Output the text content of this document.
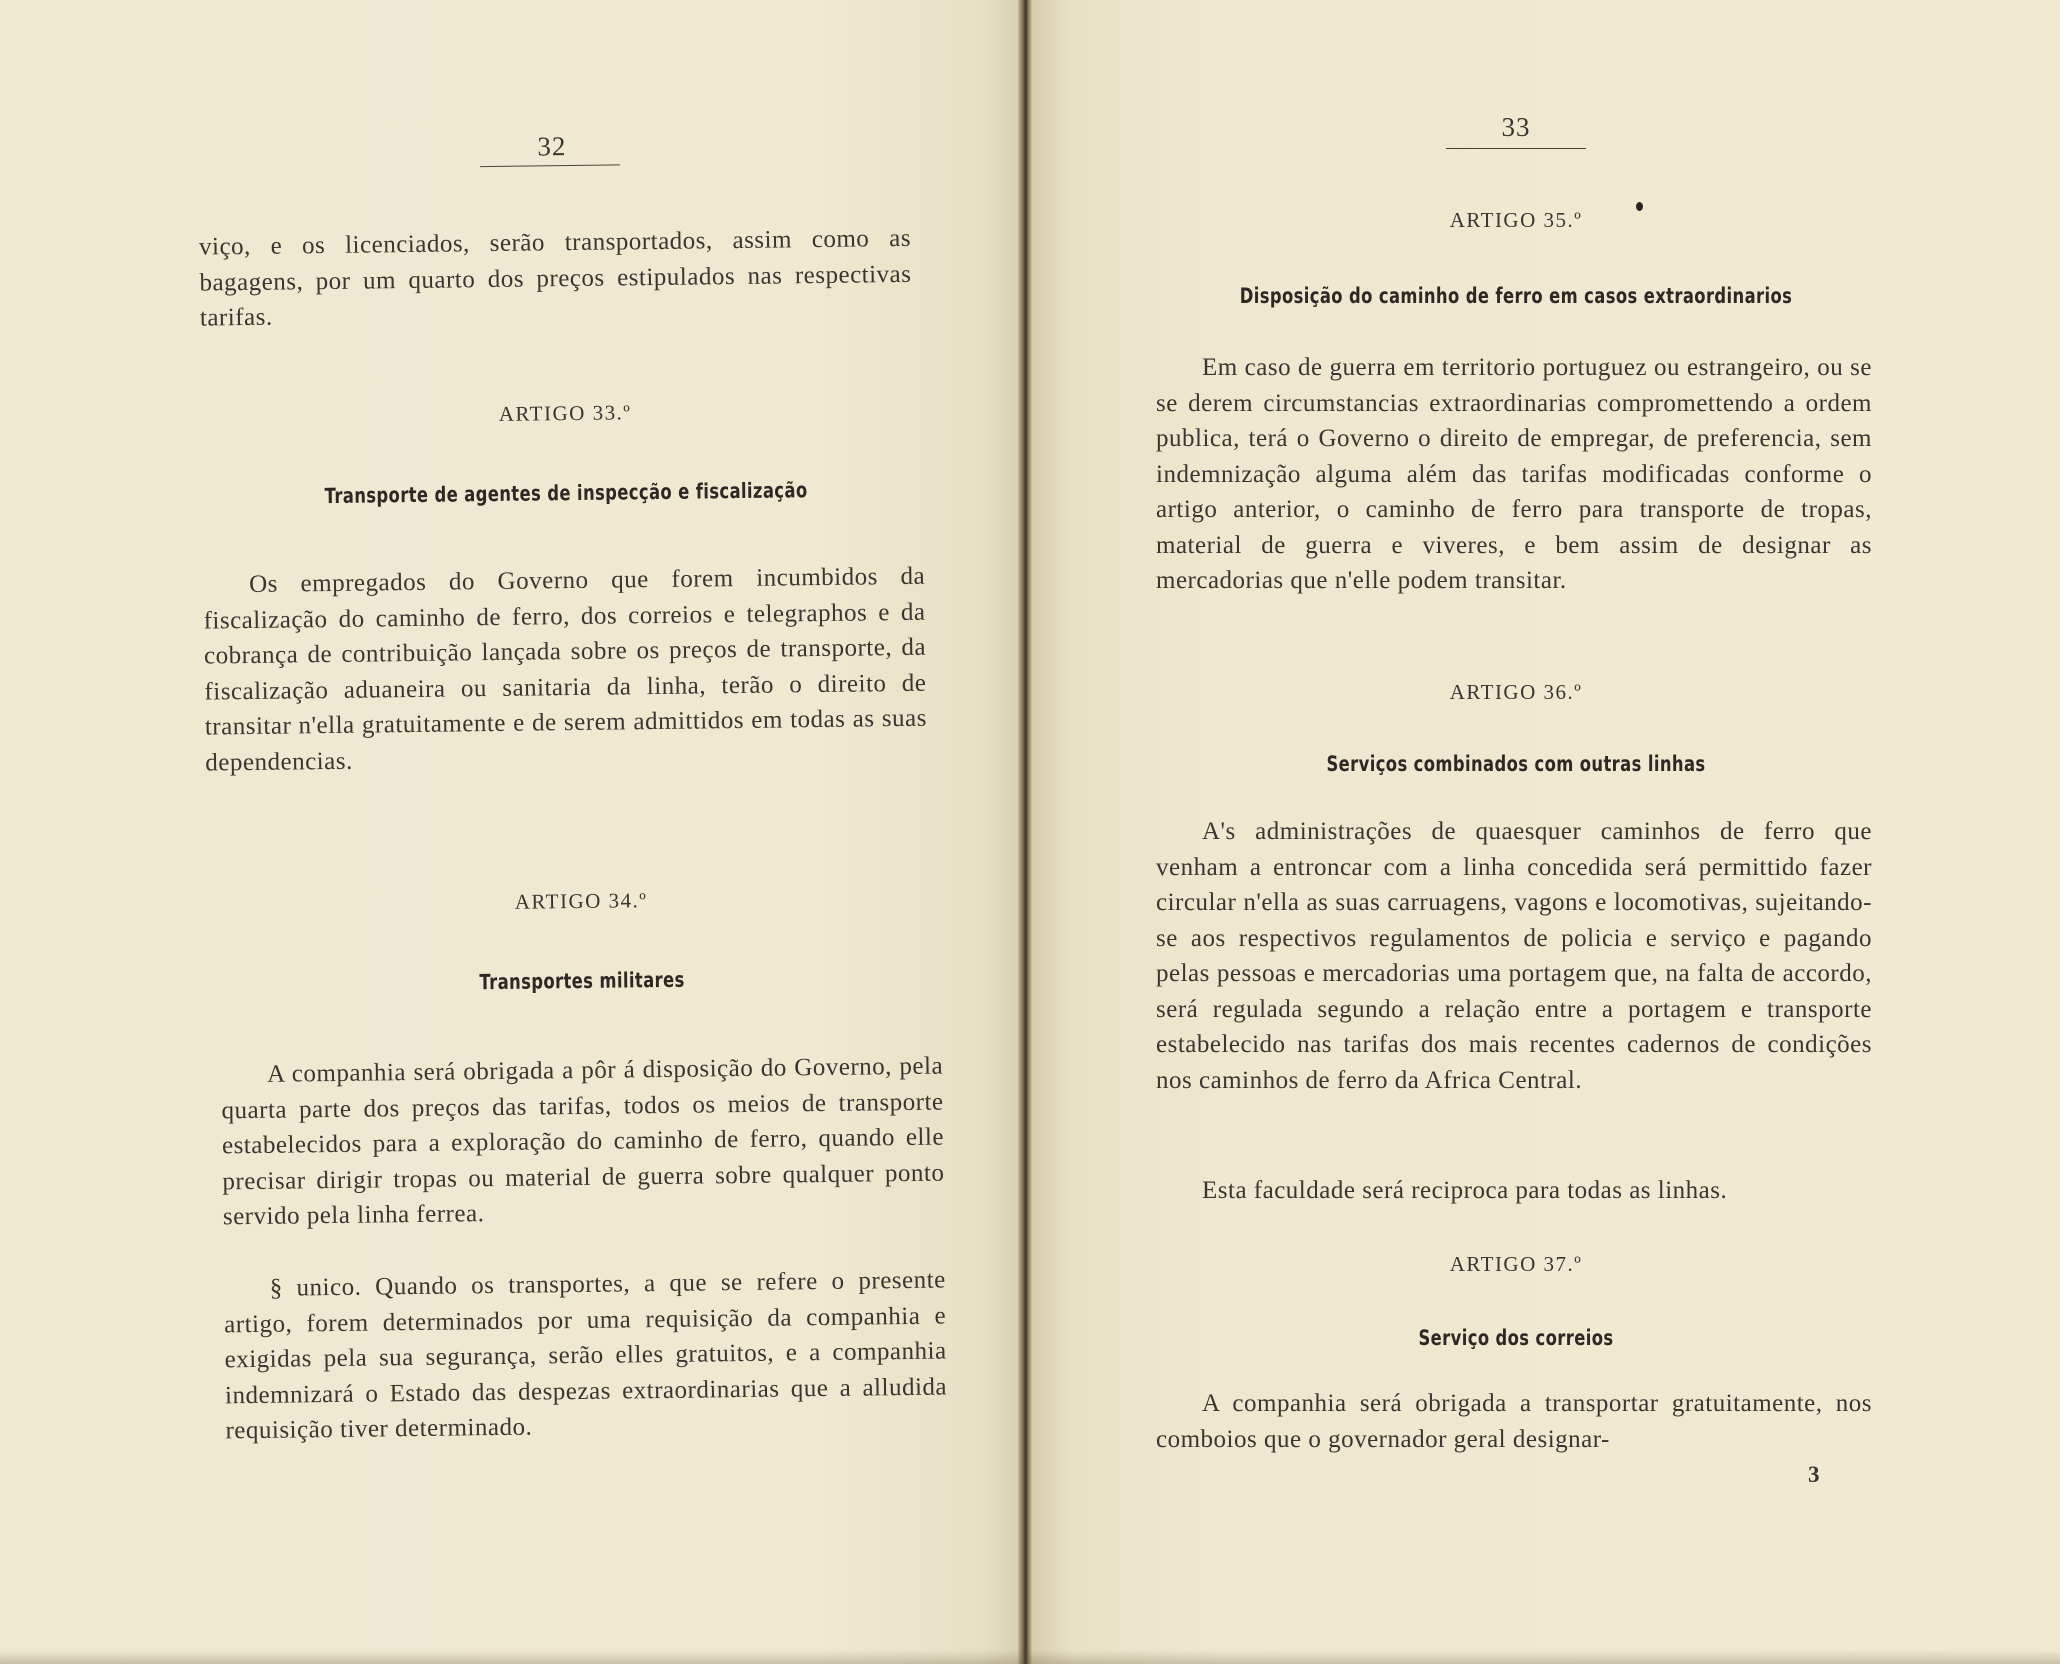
32

viço, e os licenciados, serão transportados, assim como as bagagens, por um quarto dos preços estipulados nas respectivas tarifas.

ARTIGO 33.º
Transporte de agentes de inspecção e fiscalização

Os empregados do Governo que forem incumbidos da fiscalização do caminho de ferro, dos correios e telegraphos e da cobrança de contribuição lançada sobre os preços de transporte, da fiscalização aduaneira ou sanitaria da linha, terão o direito de transitar n'ella gratuitamente e de serem admittidos em todas as suas dependencias.

ARTIGO 34.º
Transportes militares

A companhia será obrigada a pôr á disposição do Governo, pela quarta parte dos preços das tarifas, todos os meios de transporte estabelecidos para a exploração do caminho de ferro, quando elle precisar dirigir tropas ou material de guerra sobre qualquer ponto servido pela linha ferrea.

§ unico. Quando os transportes, a que se refere o presente artigo, forem determinados por uma requisição da companhia e exigidas pela sua segurança, serão elles gratuitos, e a companhia indemnizará o Estado das despezas extraordinarias que a alludida requisição tiver determinado.

33
ARTIGO 35.º
Disposição do caminho de ferro em casos extraordinarios

Em caso de guerra em territorio portuguez ou estrangeiro, ou se se derem circumstancias extraordinarias compromettendo a ordem publica, terá o Governo o direito de empregar, de preferencia, sem indemnização alguma além das tarifas modificadas conforme o artigo anterior, o caminho de ferro para transporte de tropas, material de guerra e viveres, e bem assim de designar as mercadorias que n'elle podem transitar.

ARTIGO 36.º
Serviços combinados com outras linhas

A's administrações de quaesquer caminhos de ferro que venham a entroncar com a linha concedida será permittido fazer circular n'ella as suas carruagens, vagons e locomotivas, sujeitando-se aos respectivos regulamentos de policia e serviço e pagando pelas pessoas e mercadorias uma portagem que, na falta de accordo, será regulada segundo a relação entre a portagem e transporte estabelecido nas tarifas dos mais recentes cadernos de condições nos caminhos de ferro da Africa Central.

Esta faculdade será reciproca para todas as linhas.

ARTIGO 37.º
Serviço dos correios

A companhia será obrigada a transportar gratuitamente, nos comboios que o governador geral designar-

3
